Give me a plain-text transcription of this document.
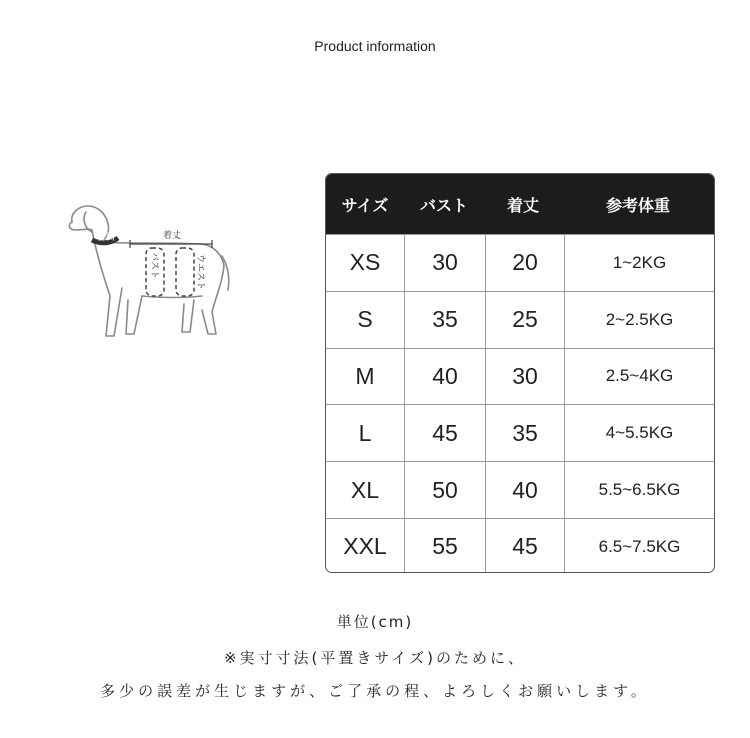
Product information
首回	着丈
バスト	ウエスト
サイズ	バスト	着丈	参考体重
XS	30	20	1~2KG
S	35	25	2~2.5KG
M	40	30	2.5~4KG
L	45	35	4~5.5KG
XL	50	40	5.5~6.5KG
XXL	55	45	6.5~7.5KG
単位(cm)
※実寸寸法(平置きサイズ)のために、
多少の誤差が生じますが、ご了承の程、よろしくお願いします。
